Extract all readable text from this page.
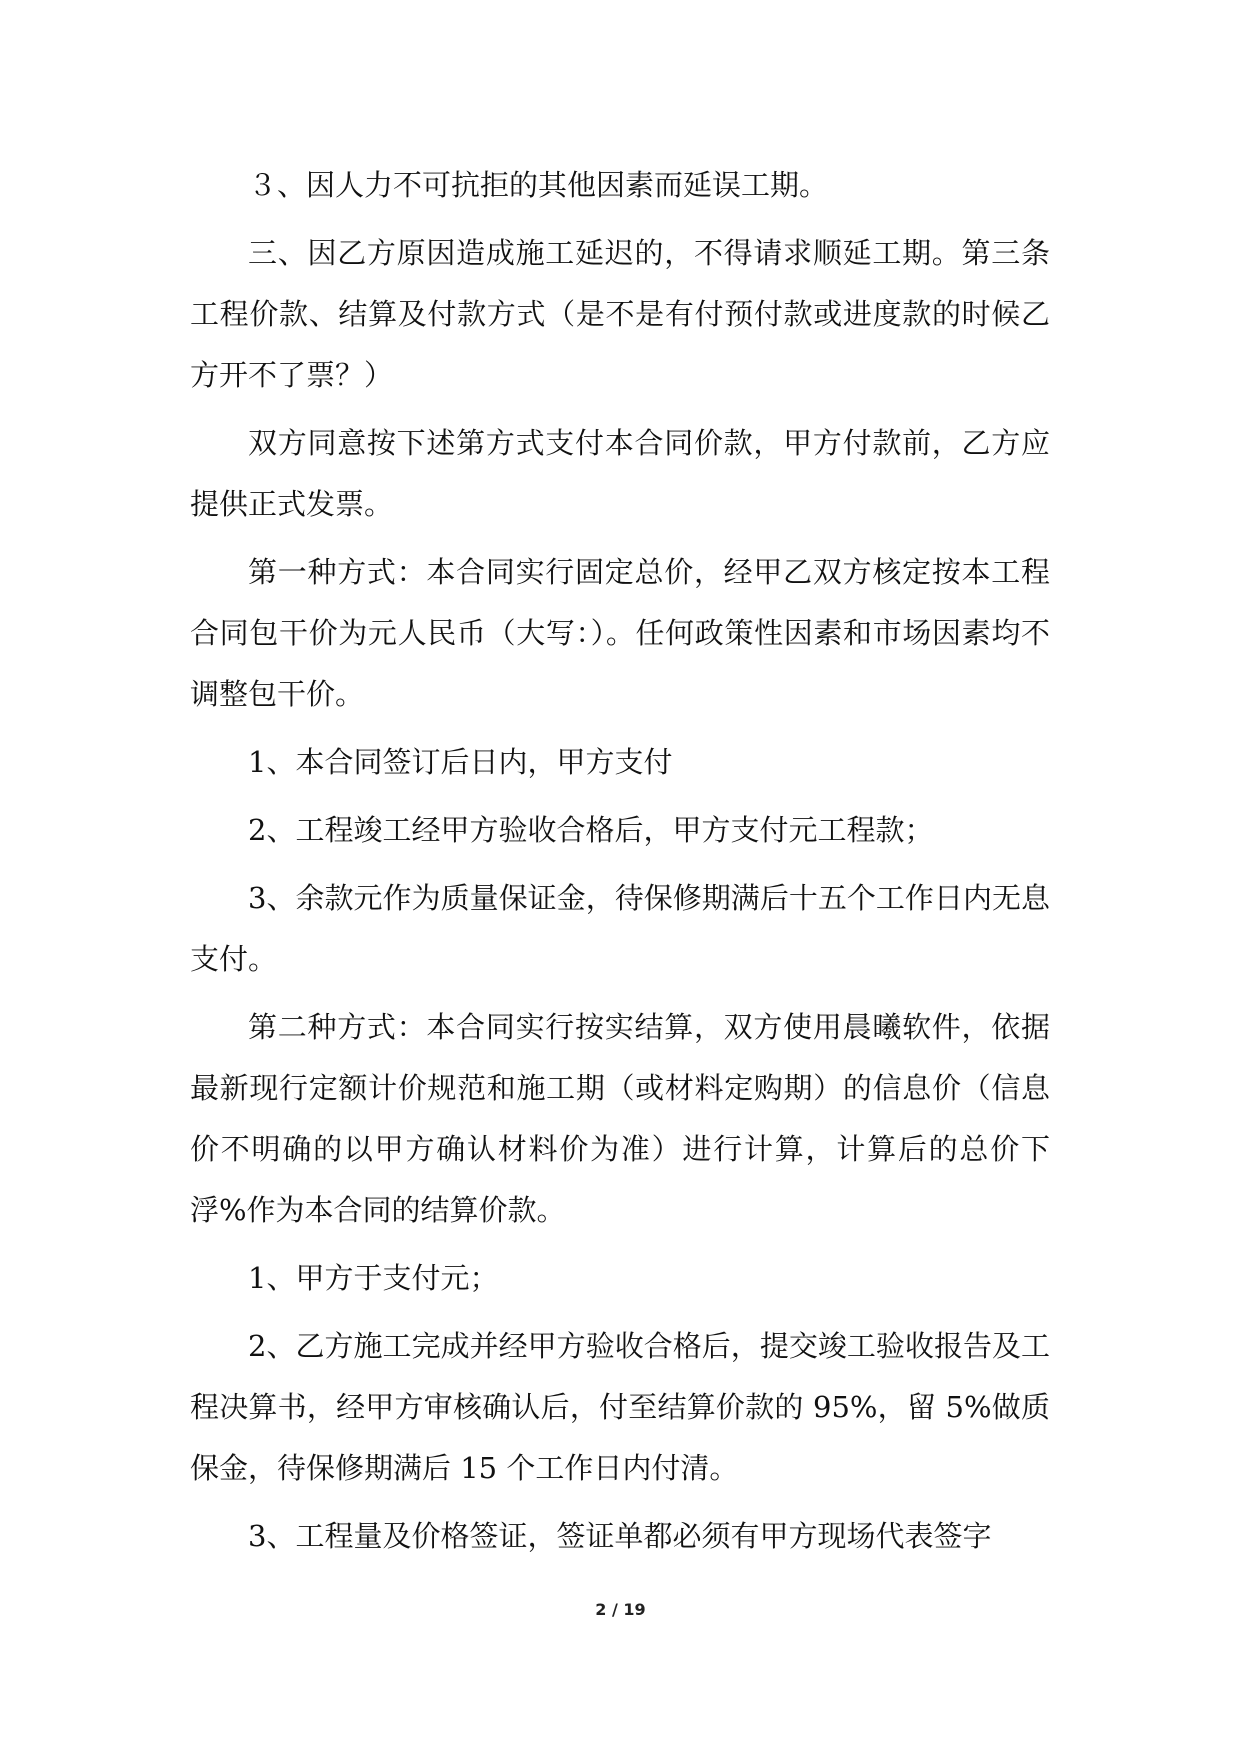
３、因人力不可抗拒的其他因素而延误工期。

三、因乙方原因造成施工延迟的，不得请求顺延工期。第三条工程价款、结算及付款方式（是不是有付预付款或进度款的时候乙方开不了票？）

双方同意按下述第方式支付本合同价款，甲方付款前，乙方应提供正式发票。

第一种方式：本合同实行固定总价，经甲乙双方核定按本工程合同包干价为元人民币（大写：）。任何政策性因素和市场因素均不调整包干价。

1、本合同签订后日内，甲方支付

2、工程竣工经甲方验收合格后，甲方支付元工程款；

3、余款元作为质量保证金，待保修期满后十五个工作日内无息支付。

第二种方式：本合同实行按实结算，双方使用晨曦软件，依据最新现行定额计价规范和施工期（或材料定购期）的信息价（信息价不明确的以甲方确认材料价为准）进行计算，计算后的总价下浮%作为本合同的结算价款。

1、甲方于支付元；

2、乙方施工完成并经甲方验收合格后，提交竣工验收报告及工程决算书，经甲方审核确认后，付至结算价款的 95%，留 5%做质保金，待保修期满后 15 个工作日内付清。

3、工程量及价格签证，签证单都必须有甲方现场代表签字

2 / 19
